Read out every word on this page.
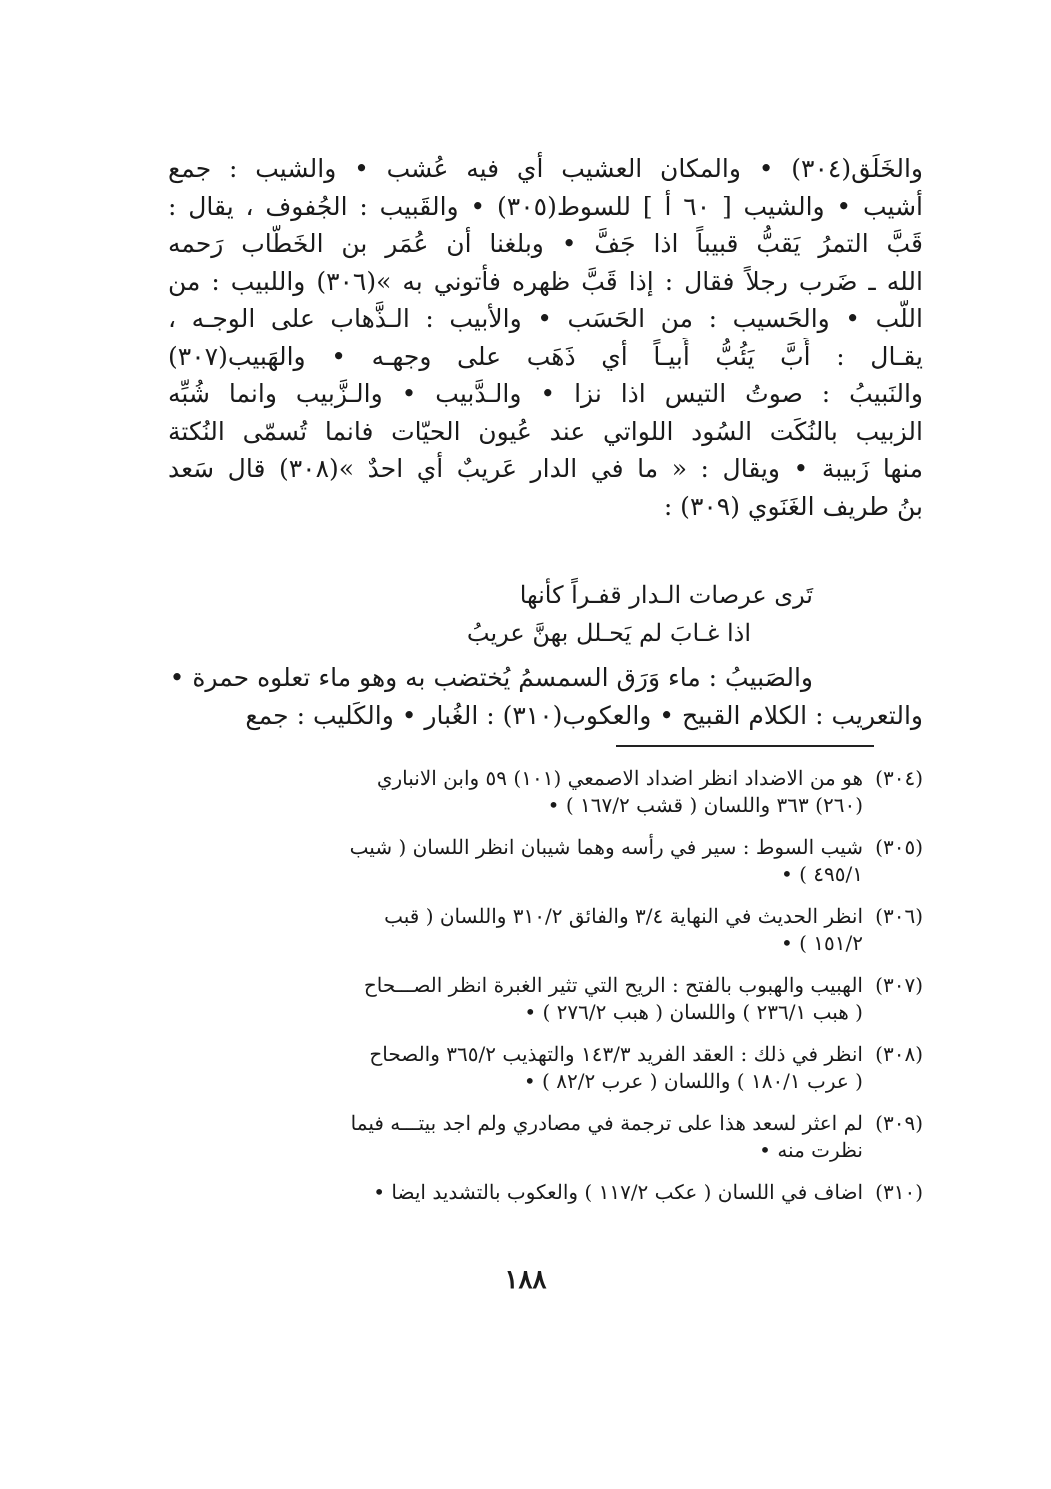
والخَلَق(٣٠٤) • والمكان العشيب أي فيه عُشب • والشيب : جمع
أشيب • والشيب [ ٦٠ أ ] للسوط(٣٠٥) • والقَبيب : الجُفوف ، يقال :
قَبَّ التمرُ يَقبُّ قبيباً اذا جَفَّ • وبلغنا أن عُمَر بن الخَطّاب رَحمه
الله ـ ضَرب رجلاً فقال : إذا قَبَّ ظهره فأتوني به »(٣٠٦) واللبيب : من
اللُّب • والحَسيب : من الحَسَب • والأبيب : الـذَّهاب على الوجـه ،
يقـال : أَبَّ يَئُبُّ أَبيـاً أي ذَهَب على وجهـه • والهَبيب(٣٠٧)
والنَبيبُ : صوتُ التيس اذا نزا • والـدَّبيب • والـزَّبيب وانما شُبِّه
الزبيب بالنُكَت السُود اللواتي عند عُيون الحيّات فانما تُسمّى النُكتة
منها زَبيبة • ويقال : « ما في الدار عَريبٌ أي احدٌ »(٣٠٨) قال سَعد
بنُ طريف الغَنَوي (٣٠٩) :
تَرى عرصات الـدار قفـراً كأنها
اذا غـابَ لم يَحـلل بهنَّ عريبُ
والصَبيبُ : ماء وَرَق السمسمُ يُختضب به وهو ماء تعلوه حمرة •
والتعريب : الكلام القبيح • والعكوب(٣١٠) : الغُبار • والكَليب : جمع
(٣٠٤)
هو من الاضداد انظر اضداد الاصمعي (١٠١) ٥٩ وابن الانباري
(٢٦٠) ٣٦٣ واللسان ( قشب ١٦٧/٢ ) •
(٣٠٥)
شيب السوط : سير في رأسه وهما شيبان انظر اللسان ( شيب
٤٩٥/١ ) •
(٣٠٦)
انظر الحديث في النهاية ٣/٤ والفائق ٣١٠/٢ واللسان ( قبب
١٥١/٢ ) •
(٣٠٧)
الهبيب والهبوب بالفتح : الريح التي تثير الغبرة انظر الصـــحاح
( هبب ٢٣٦/١ ) واللسان ( هبب ٢٧٦/٢ ) •
(٣٠٨)
انظر في ذلك : العقد الفريد ١٤٣/٣ والتهذيب ٣٦٥/٢ والصحاح
( عرب ١٨٠/١ ) واللسان ( عرب ٨٢/٢ ) •
(٣٠٩)
لم اعثر لسعد هذا على ترجمة في مصادري ولم اجد بيتـــه فيما
نظرت منه •
(٣١٠)
اضاف في اللسان ( عكب ١١٧/٢ ) والعكوب بالتشديد ايضا •
١٨٨
